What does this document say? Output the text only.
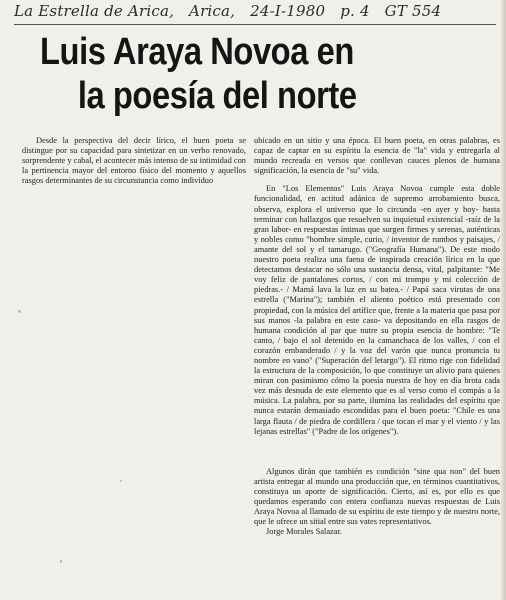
La Estrella de Arica, Arica, 24-I-1980 p. 4 GT 554
Luis Araya Novoa en
la poesía del norte
Desde la perspectiva del decir lírico, el buen poeta se distingue por su capacidad para sintetizar en un verbo renovado, sorprendente y cabal, el acontecer más intenso de su intimidad con la pertinencia mayor del entorno físico del momento y aquellos rasgos determinantes de su circunstancia como individuo

ubicado en un sitio y una época. El buen poeta, en otras palabras, es capaz de captar en su espíritu la esencia de "la" vida y entregarla al mundo recreada en versos que conllevan cauces plenos de humana significación, la esencia de "su" vida.

En "Los Elementos" Luis Araya Novoa cumple esta doble funcionalidad, en actitud adánica de supremo arrobamiento busca, observa, explora el universo que lo circunda -en ayer y hoy- hasta terminar con hallazgos que resuelven su inquietud existencial -raíz de la gran labor- en respuestas íntimas que surgen firmes y serenas, auténticas y nobles como "hombre simple, curio, / inventor de rumbos y paisajes, / amante del sol y el tamarugo. ("Geografía Humana"). De este modo nuestro poeta realiza una faena de inspirada creación lírica en la que detectamos destacar no sólo una sustancia densa, vital, palpitante: "Me voy feliz de pantalones cortos, / con mi trompo y mi colección de piedras.- / Mamá lava la luz en su batea.- / Papá saca virutas de una estrella ("Marina"); también el aliento poético está presentado con propiedad, con la música del artífice que, frente a la materia que pasa por sus manos -la palabra en este caso- va depositando en ella rasgos de humana condición al par que nutre su propia esencia de hombre: "Te canto, / bajo el sol detenido en la camanchaca de los valles, / con el corazón embanderado / y la voz del varón que nunca pronuncia tu nombre en vano" ("Superación del letargo"). El ritmo rige con fidelidad la estructura de la composición, lo que constituye un alivio para quienes miran con pasimismo cómo la poesía nuestra de hoy en día brota cada vez más desnuda de este elemento que es al verso como el compás a la música. La palabra, por su parte, ilumina las realidades del espíritu que nunca estarán demasiado escondidas para el buen poeta: "Chile es una larga flauta / de piedra de cordillera / que tocan el mar y el viento / y las lejanas estrellas" ("Padre de los orígenes").

Algunos dirán que también es condición "sine qua non" del buen artista entregar al mundo una producción que, en términos cuantitativos, constituya un aporte de significación. Cierto, así es, por ello es que quedamos esperando con entera confianza nuevas respuestas de Luis Araya Novoa al llamado de su espíritu de este tiempo y de nuestro norte, que le ofrece un sitial entre sus vates representativos.

Jorge Morales Salazar.
